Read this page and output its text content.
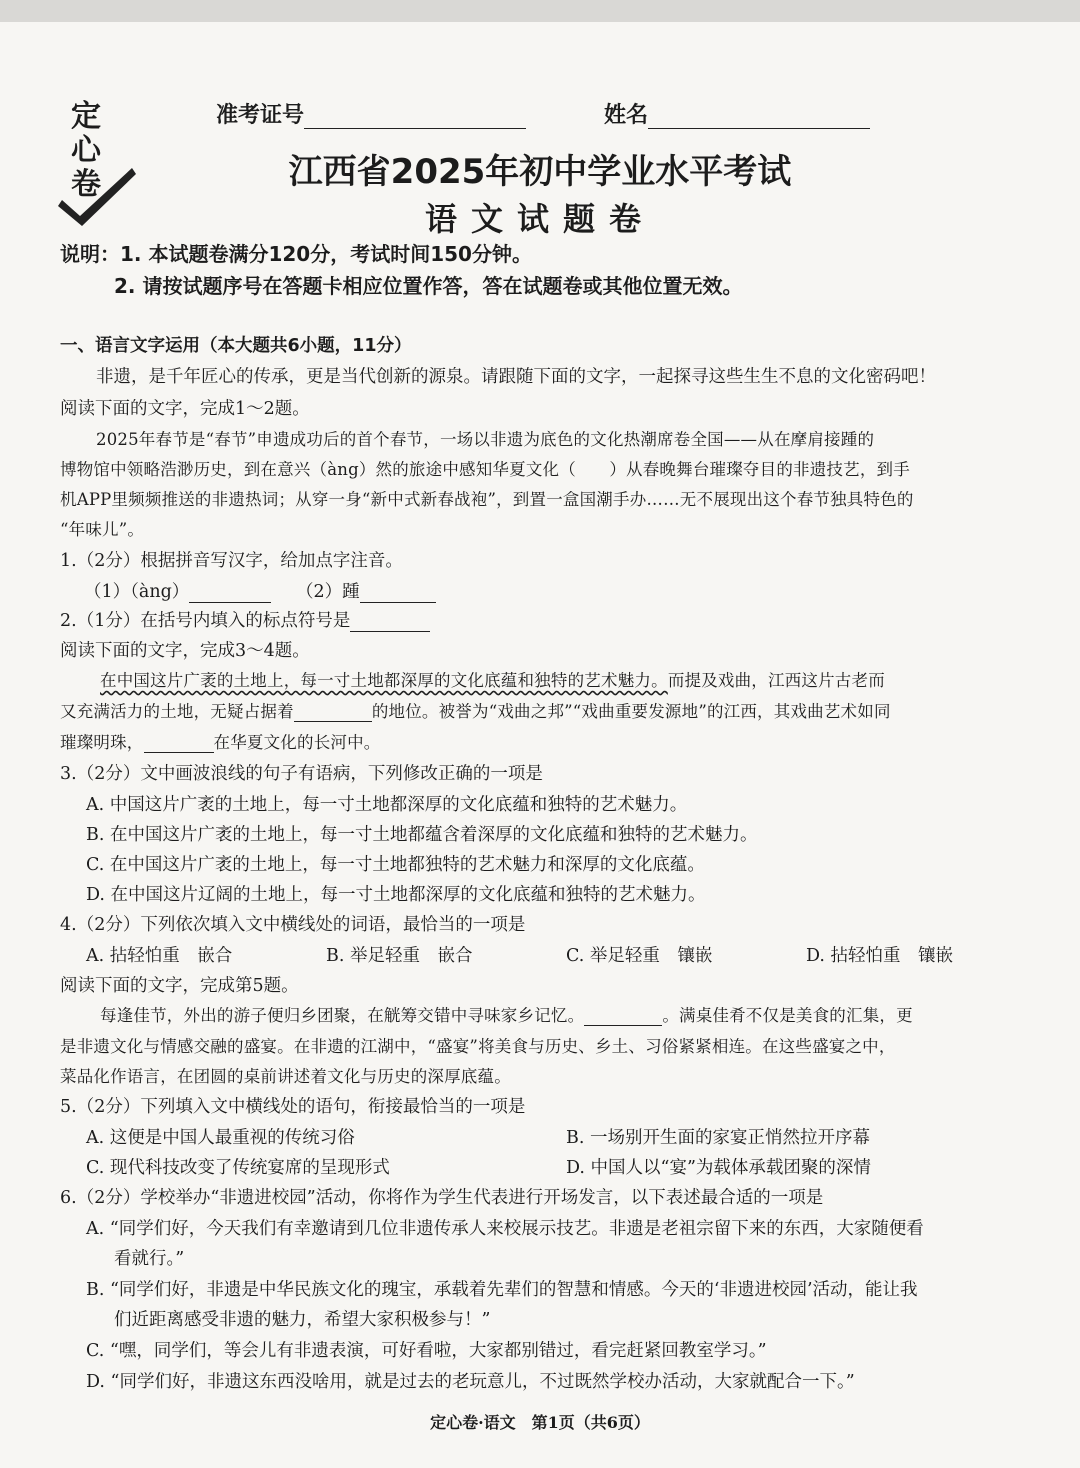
定心卷
准考证号	姓名
江西省2025年初中学业水平考试
语文试题卷
说明：1. 本试题卷满分120分，考试时间150分钟。
2. 请按试题序号在答题卡相应位置作答，答在试题卷或其他位置无效。
一、语言文字运用（本大题共6小题，11分）
非遗，是千年匠心的传承，更是当代创新的源泉。请跟随下面的文字，一起探寻这些生生不息的文化密码吧！
阅读下面的文字，完成1～2题。
2025年春节是“春节”申遗成功后的首个春节，一场以非遗为底色的文化热潮席卷全国——从在摩肩接踵的
博物馆中领略浩渺历史，到在意兴（àng）然的旅途中感知华夏文化（　　）从春晚舞台璀璨夺目的非遗技艺，到手
机APP里频频推送的非遗热词；从穿一身“新中式新春战袍”，到置一盒国潮手办……无不展现出这个春节独具特色的
“年味儿”。
1.（2分）根据拼音写汉字，给加点字注音。
（1）（àng）	（2）踵
2.（1分）在括号内填入的标点符号是
阅读下面的文字，完成3～4题。
在中国这片广袤的土地上，每一寸土地都深厚的文化底蕴和独特的艺术魅力。而提及戏曲，江西这片古老而
又充满活力的土地，无疑占据着	的地位。被誉为“戏曲之邦”“戏曲重要发源地”的江西，其戏曲艺术如同
璀璨明珠，	在华夏文化的长河中。
3.（2分）文中画波浪线的句子有语病，下列修改正确的一项是
A. 中国这片广袤的土地上，每一寸土地都深厚的文化底蕴和独特的艺术魅力。
B. 在中国这片广袤的土地上，每一寸土地都蕴含着深厚的文化底蕴和独特的艺术魅力。
C. 在中国这片广袤的土地上，每一寸土地都独特的艺术魅力和深厚的文化底蕴。
D. 在中国这片辽阔的土地上，每一寸土地都深厚的文化底蕴和独特的艺术魅力。
4.（2分）下列依次填入文中横线处的词语，最恰当的一项是
A. 拈轻怕重　嵌合	B. 举足轻重　嵌合	C. 举足轻重　镶嵌	D. 拈轻怕重　镶嵌
阅读下面的文字，完成第5题。
每逢佳节，外出的游子便归乡团聚，在觥筹交错中寻味家乡记忆。	。满桌佳肴不仅是美食的汇集，更
是非遗文化与情感交融的盛宴。在非遗的江湖中，“盛宴”将美食与历史、乡土、习俗紧紧相连。在这些盛宴之中，
菜品化作语言，在团圆的桌前讲述着文化与历史的深厚底蕴。
5.（2分）下列填入文中横线处的语句，衔接最恰当的一项是
A. 这便是中国人最重视的传统习俗	B. 一场别开生面的家宴正悄然拉开序幕
C. 现代科技改变了传统宴席的呈现形式	D. 中国人以“宴”为载体承载团聚的深情
6.（2分）学校举办“非遗进校园”活动，你将作为学生代表进行开场发言，以下表述最合适的一项是
A. “同学们好，今天我们有幸邀请到几位非遗传承人来校展示技艺。非遗是老祖宗留下来的东西，大家随便看
看就行。”
B. “同学们好，非遗是中华民族文化的瑰宝，承载着先辈们的智慧和情感。今天的‘非遗进校园’活动，能让我
们近距离感受非遗的魅力，希望大家积极参与！”
C. “嘿，同学们，等会儿有非遗表演，可好看啦，大家都别错过，看完赶紧回教室学习。”
D. “同学们好，非遗这东西没啥用，就是过去的老玩意儿，不过既然学校办活动，大家就配合一下。”
定心卷·语文　第1页（共6页）
